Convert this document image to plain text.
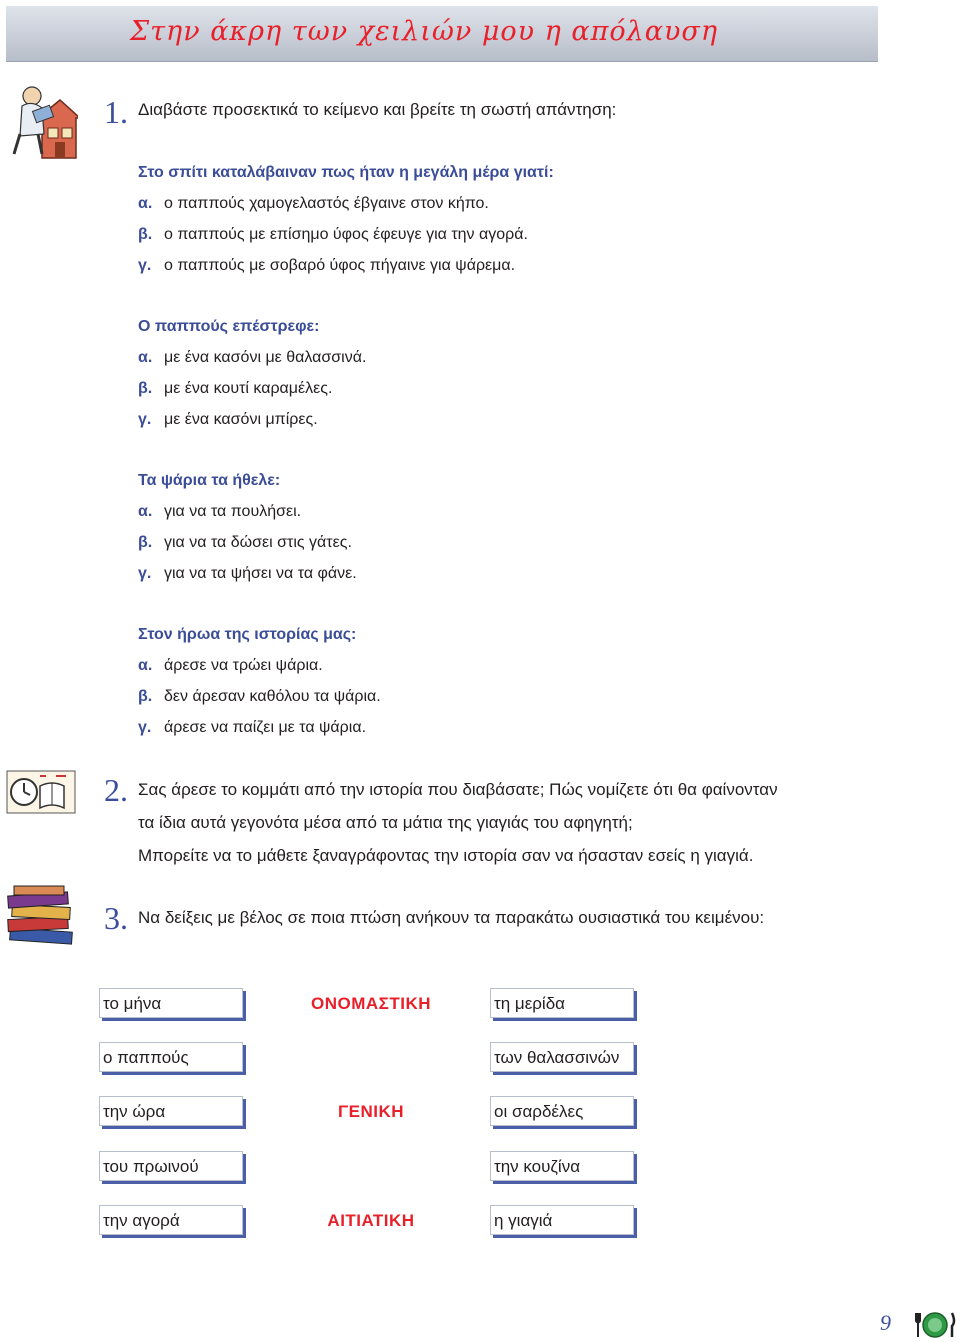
Στην άκρη των χειλιών μου η απόλαυση
1. Διαβάστε προσεκτικά το κείμενο και βρείτε τη σωστή απάντηση:
Στο σπίτι καταλάβαιναν πως ήταν η μεγάλη μέρα γιατί:
α. ο παππούς χαμογελαστός έβγαινε στον κήπο.
β. ο παππούς με επίσημο ύφος έφευγε για την αγορά.
γ. ο παππούς με σοβαρό ύφος πήγαινε για ψάρεμα.
Ο παππούς επέστρεφε:
α. με ένα κασόνι με θαλασσινά.
β. με ένα κουτί καραμέλες.
γ. με ένα κασόνι μπίρες.
Τα ψάρια τα ήθελε:
α. για να τα πουλήσει.
β. για να τα δώσει στις γάτες.
γ. για να τα ψήσει να τα φάνε.
Στον ήρωα της ιστορίας μας:
α. άρεσε να τρώει ψάρια.
β. δεν άρεσαν καθόλου τα ψάρια.
γ. άρεσε να παίζει με τα ψάρια.
2. Σας άρεσε το κομμάτι από την ιστορία που διαβάσατε; Πώς νομίζετε ότι θα φαίνονταν
τα ίδια αυτά γεγονότα μέσα από τα μάτια της γιαγιάς του αφηγητή;
Μπορείτε να το μάθετε ξαναγράφοντας την ιστορία σαν να ήσασταν εσείς η γιαγιά.
3. Να δείξεις με βέλος σε ποια πτώση ανήκουν τα παρακάτω ουσιαστικά του κειμένου:
το μήνα
ο παππούς
την ώρα
του πρωινού
την αγορά
ΟΝΟΜΑΣΤΙΚΗ
ΓΕΝΙΚΗ
ΑΙΤΙΑΤΙΚΗ
τη μερίδα
των θαλασσινών
οι σαρδέλες
την κουζίνα
η γιαγιά
9
